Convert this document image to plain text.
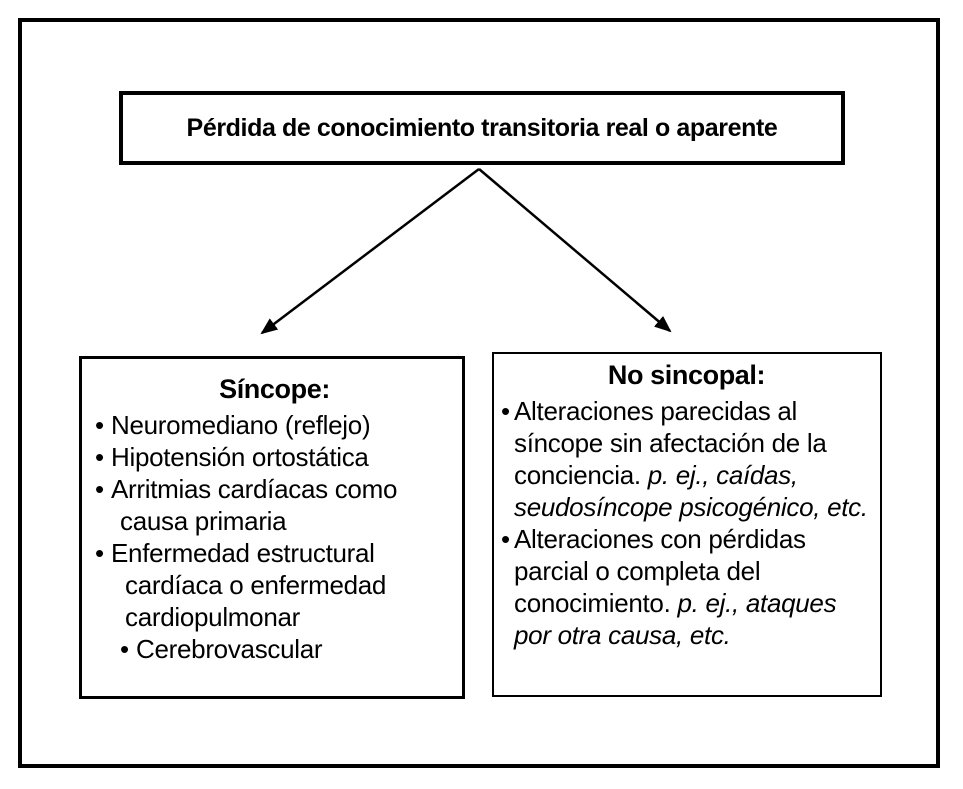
Pérdida de conocimiento transitoria real o aparente
Síncope:
• Neuromediano (reflejo)
• Hipotensión ortostática
• Arritmias cardíacas como causa primaria
• Enfermedad estructural cardíaca o enfermedad cardiopulmonar
• Cerebrovascular
No sincopal:
• Alteraciones parecidas al síncope sin afectación de la conciencia. p. ej., caídas, seudosíncope psicogénico, etc.
• Alteraciones con pérdidas parcial o completa del conocimiento. p. ej., ataques por otra causa, etc.
